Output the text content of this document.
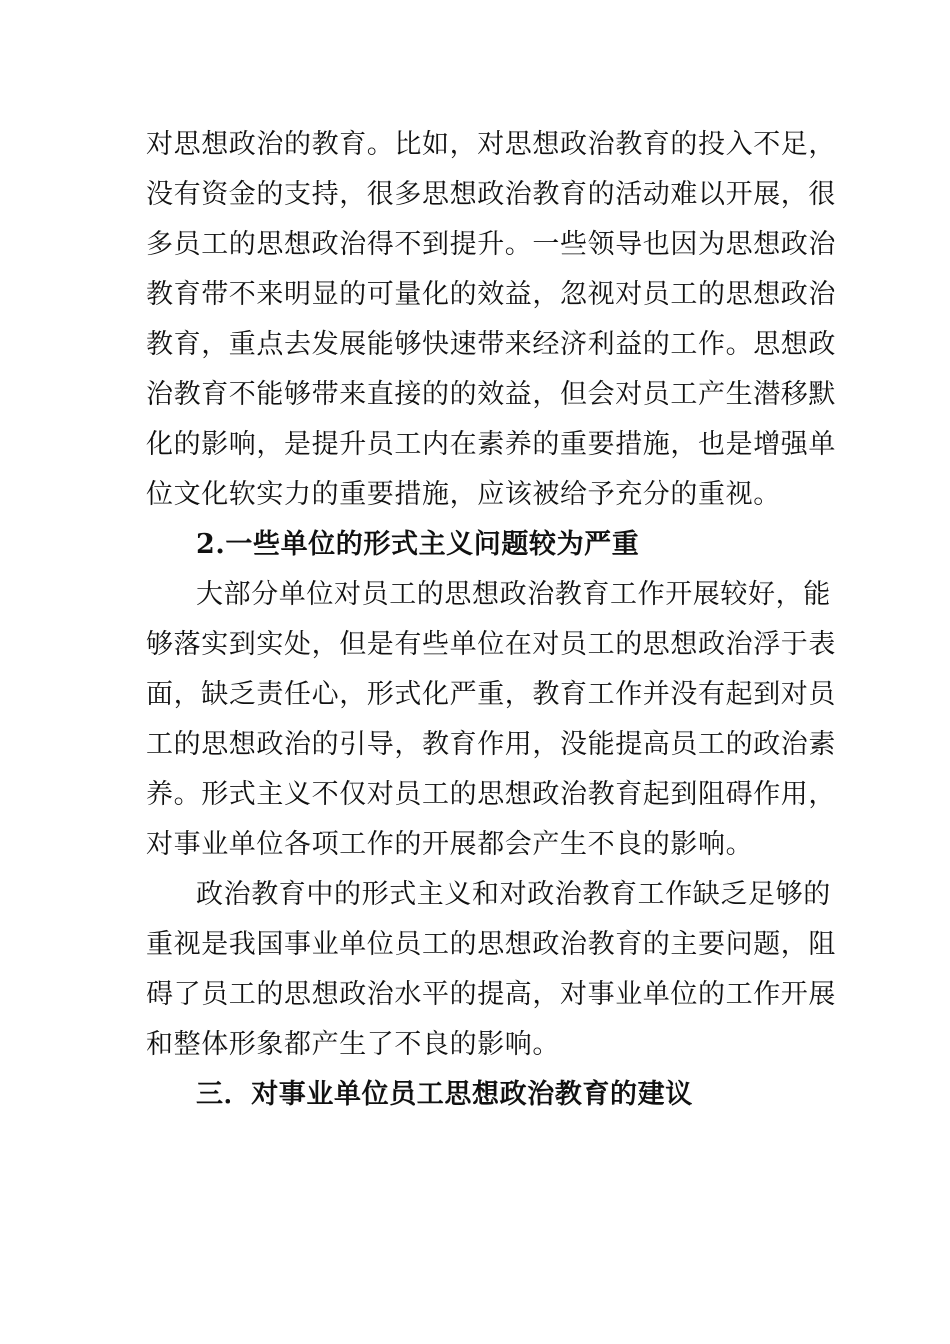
对思想政治的教育。比如，对思想政治教育的投入不足，
没有资金的支持，很多思想政治教育的活动难以开展，很
多员工的思想政治得不到提升。一些领导也因为思想政治
教育带不来明显的可量化的效益，忽视对员工的思想政治
教育，重点去发展能够快速带来经济利益的工作。思想政
治教育不能够带来直接的的效益，但会对员工产生潜移默
化的影响，是提升员工内在素养的重要措施，也是增强单
位文化软实力的重要措施，应该被给予充分的重视。
2.一些单位的形式主义问题较为严重
大部分单位对员工的思想政治教育工作开展较好，能
够落实到实处，但是有些单位在对员工的思想政治浮于表
面，缺乏责任心，形式化严重，教育工作并没有起到对员
工的思想政治的引导，教育作用，没能提高员工的政治素
养。形式主义不仅对员工的思想政治教育起到阻碍作用，
对事业单位各项工作的开展都会产生不良的影响。
政治教育中的形式主义和对政治教育工作缺乏足够的
重视是我国事业单位员工的思想政治教育的主要问题，阻
碍了员工的思想政治水平的提高，对事业单位的工作开展
和整体形象都产生了不良的影响。
三．对事业单位员工思想政治教育的建议
